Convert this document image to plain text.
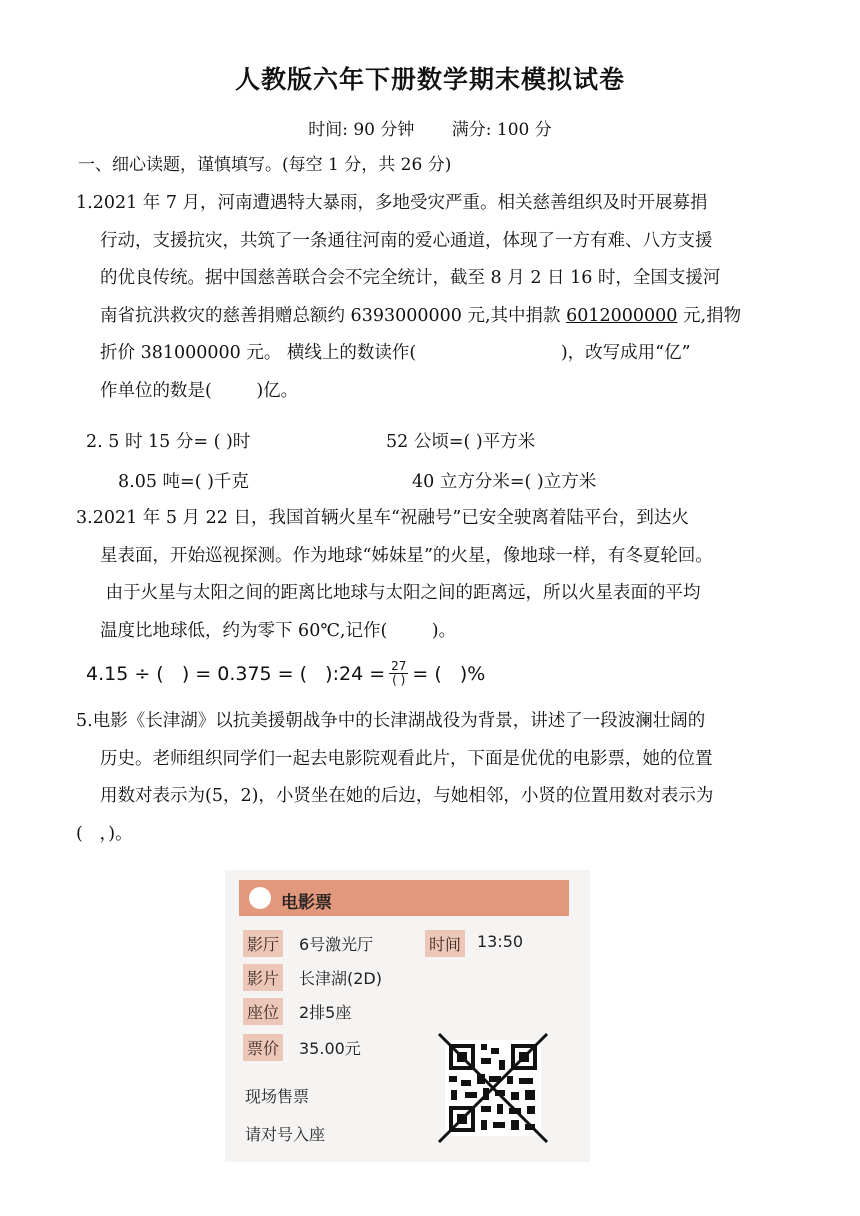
人教版六年下册数学期末模拟试卷
时间: 90 分钟 满分: 100 分
一、细心读题，谨慎填写。(每空 1 分，共 26 分)
1.2021 年 7 月，河南遭遇特大暴雨，多地受灾严重。相关慈善组织及时开展募捐
行动，支援抗灾，共筑了一条通往河南的爱心通道，体现了一方有难、八方支援
的优良传统。据中国慈善联合会不完全统计，截至 8 月 2 日 16 时，全国支援河
南省抗洪救灾的慈善捐赠总额约 6393000000 元,其中捐款 6012000000 元,捐物
折价 381000000 元。 横线上的数读作(                          )，改写成用“亿”
作单位的数是(        )亿。
2. 5 时 15 分= ( )时	52 公顷=( )平方米
8.05 吨=( )千克	40 立方分米=( )立方米
3.2021 年 5 月 22 日，我国首辆火星车“祝融号”已安全驶离着陆平台，到达火
星表面，开始巡视探测。作为地球“姊妹星”的火星，像地球一样，有冬夏轮回。
由于火星与太阳之间的距离比地球与太阳之间的距离远，所以火星表面的平均
温度比地球低，约为零下 60℃,记作(        )。
4.15 ÷ (   ) = 0.375 = (   ):24 = $\frac{27}{( )}$ = (   )%
5.电影《长津湖》以抗美援朝战争中的长津湖战役为背景，讲述了一段波澜壮阔的
历史。老师组织同学们一起去电影院观看此片，下面是优优的电影票，她的位置
用数对表示为(5，2)，小贤坐在她的后边，与她相邻，小贤的位置用数对表示为
(   ，)。
电影票
影厅 6号激光厅	时间 13:50
影片 长津湖(2D)
座位 2排5座
票价 35.00元
现场售票
请对号入座
